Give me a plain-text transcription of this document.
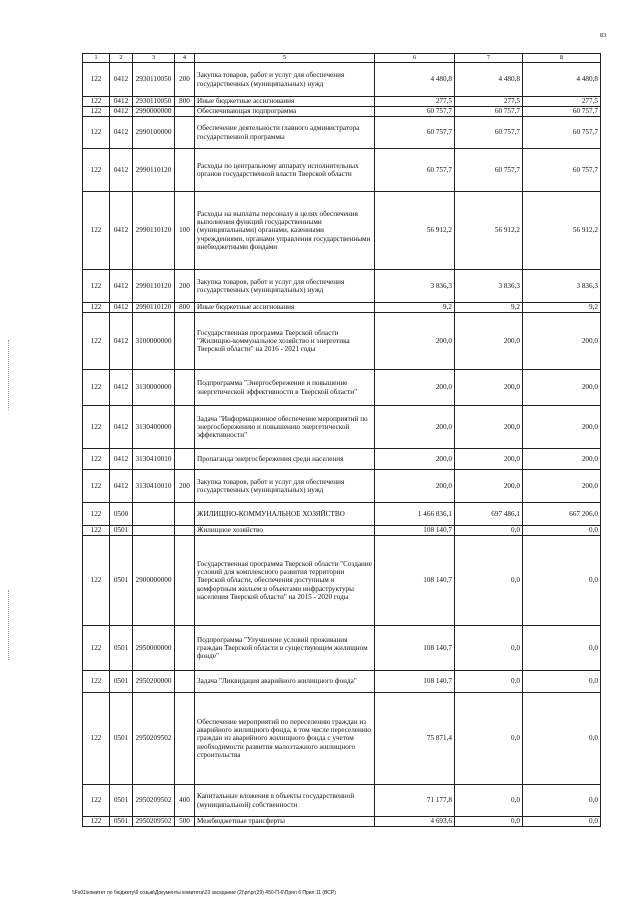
83
1	2	3	4	5	6	7	8
122	0412	2930110050	200	Закупка товаров, работ и услуг для обеспечения государственных (муниципальных) нужд	4 480,8	4 480,8	4 480,8
122	0412	2930110050	800	Иные бюджетные ассигнования	277,5	277,5	277,5
122	0412	2990000000		Обеспечивающая подпрограмма	60 757,7	60 757,7	60 757,7
122	0412	2990100000		Обеспечение деятельности главного администратора государственной программы	60 757,7	60 757,7	60 757,7
122	0412	2990110120		Расходы по центральному аппарату исполнительных органов государственной власти Тверской области	60 757,7	60 757,7	60 757,7
122	0412	2990110120	100	Расходы на выплаты персоналу в целях обеспечения выполнения функций государственными (муниципальными) органами, казенными учреждениями, органами управления государственными внебюджетными фондами	56 912,2	56 912,2	56 912,2
122	0412	2990110120	200	Закупка товаров, работ и услуг для обеспечения государственных (муниципальных) нужд	3 836,3	3 836,3	3 836,3
122	0412	2990110120	800	Иные бюджетные ассигнования	9,2	9,2	9,2
122	0412	3100000000		Государственная программа Тверской области "Жилищно-коммунальное хозяйство и энергетика Тверской области" на 2016 - 2021 годы	200,0	200,0	200,0
122	0412	3130000000		Подпрограмма "Энергосбережение и повышение энергетической эффективности в Тверской области"	200,0	200,0	200,0
122	0412	3130400000		Задача "Информационное обеспечение мероприятий по энергосбережению и повышению энергетической эффективности"	200,0	200,0	200,0
122	0412	3130410010		Пропаганда энергосбережения среди населения	200,0	200,0	200,0
122	0412	3130410010	200	Закупка товаров, работ и услуг для обеспечения государственных (муниципальных) нужд	200,0	200,0	200,0
122	0500			ЖИЛИЩНО-КОММУНАЛЬНОЕ ХОЗЯЙСТВО	1 466 836,1	697 486,1	667 206,0
122	0501			Жилищное хозяйство	108 140,7	0,0	0,0
122	0501	2900000000		Государственная программа Тверской области "Создание условий для комплексного развития территории Тверской области, обеспечения доступным и комфортным жильем и объектами инфраструктуры населения Тверской области" на 2015 - 2020 годы	108 140,7	0,0	0,0
122	0501	2950000000		Подпрограмма "Улучшение условий проживания граждан Тверской области в существующем жилищном фонде"	108 140,7	0,0	0,0
122	0501	2950200000		Задача "Ликвидация аварийного жилищного фонда"	108 140,7	0,0	0,0
122	0501	2950209502		Обеспечение мероприятий по переселению граждан из аварийного жилищного фонда, в том числе переселению граждан из аварийного жилищного фонда с учетом необходимости развития малоэтажного жилищного строительства	75 871,4	0,0	0,0
122	0501	2950209502	400	Капитальные вложения в объекты государственной (муниципальной) собственности	71 177,8	0,0	0,0
122	0501	2950209502	500	Межбюджетные трансферты	4 693,6	0,0	0,0
\\Fs01\комитет по бюджету\6 созыв\Документы комитета\23 заседание (2)\pr\pr(29) 450-П-6\Прил 6 Прил 11 (ВСР)
